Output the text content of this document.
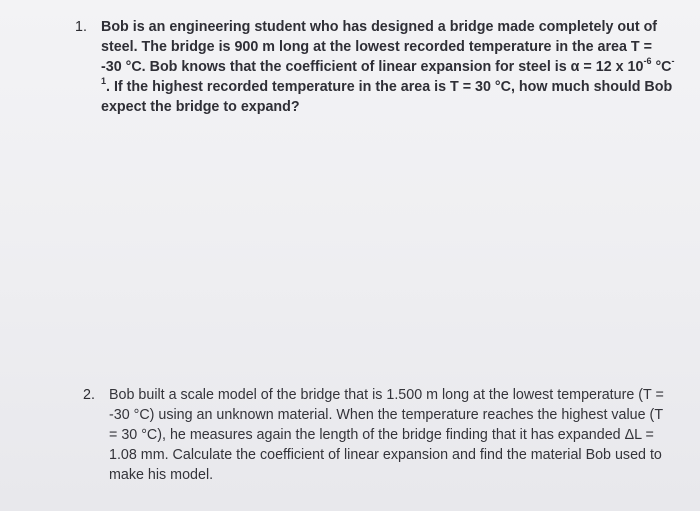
1. Bob is an engineering student who has designed a bridge made completely out of steel. The bridge is 900 m long at the lowest recorded temperature in the area T = -30 °C. Bob knows that the coefficient of linear expansion for steel is α = 12 x $10^{-6}$ $^\circ C^{-1}$. If the highest recorded temperature in the area is T = 30 °C, how much should Bob expect the bridge to expand?

2. Bob built a scale model of the bridge that is 1.500 m long at the lowest temperature (T = -30 °C) using an unknown material. When the temperature reaches the highest value (T = 30 °C), he measures again the length of the bridge finding that it has expanded ΔL = 1.08 mm. Calculate the coefficient of linear expansion and find the material Bob used to make his model.
